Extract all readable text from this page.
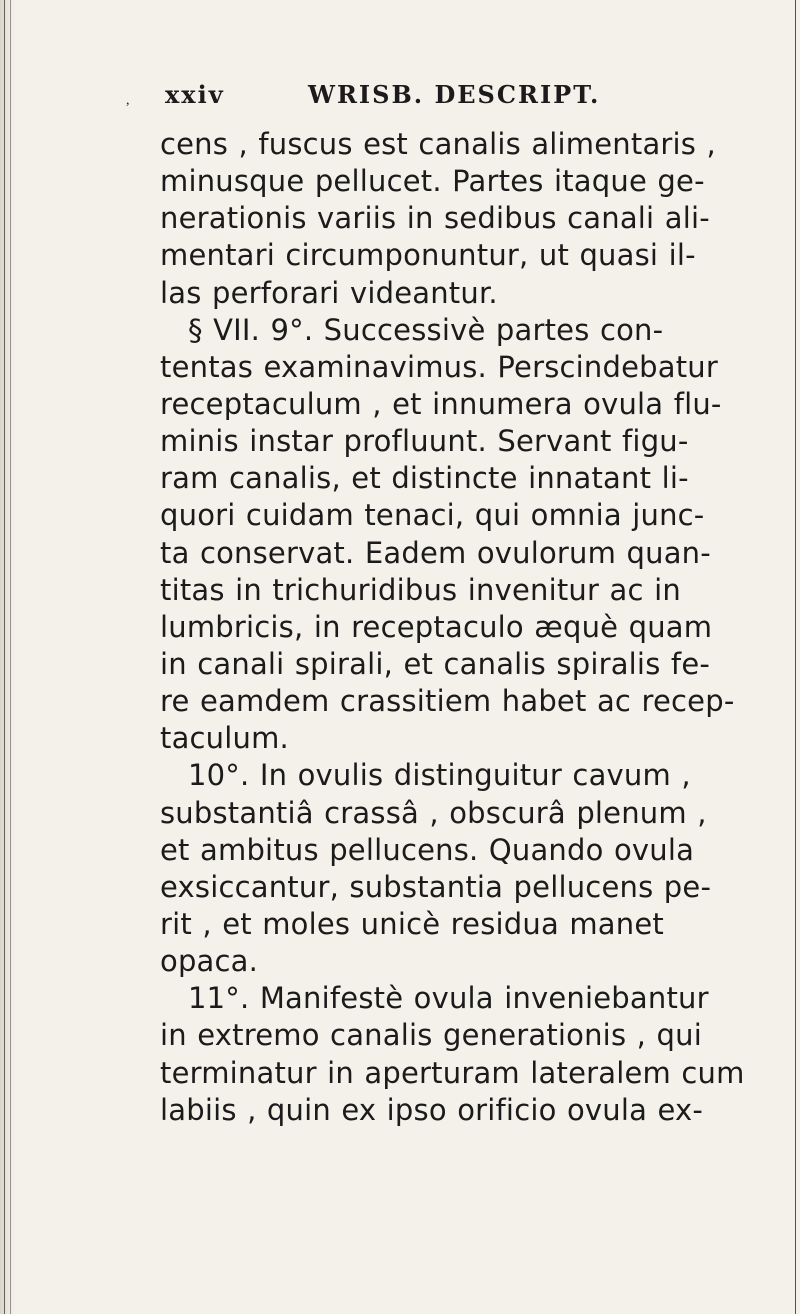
, xxiv	WRISB. DESCRIPT.
cens , fuscus est canalis alimentaris ,
minusque pellucet. Partes itaque ge-
nerationis variis in sedibus canali ali-
mentari circumponuntur, ut quasi il-
las perforari videantur.
§ VII. 9°. Successivè partes con-
tentas examinavimus. Perscindebatur
receptaculum , et innumera ovula flu-
minis instar profluunt. Servant figu-
ram canalis, et distincte innatant li-
quori cuidam tenaci, qui omnia junc-
ta conservat. Eadem ovulorum quan-
titas in trichuridibus invenitur ac in
lumbricis, in receptaculo æquè quam
in canali spirali, et canalis spiralis fe-
re eamdem crassitiem habet ac recep-
taculum.
10°. In ovulis distinguitur cavum ,
substantiâ crassâ , obscurâ plenum ,
et ambitus pellucens. Quando ovula
exsiccantur, substantia pellucens pe-
rit , et moles unicè residua manet
opaca.
11°. Manifestè ovula inveniebantur
in extremo canalis generationis , qui
terminatur in aperturam lateralem cum
labiis , quin ex ipso orificio ovula ex-
